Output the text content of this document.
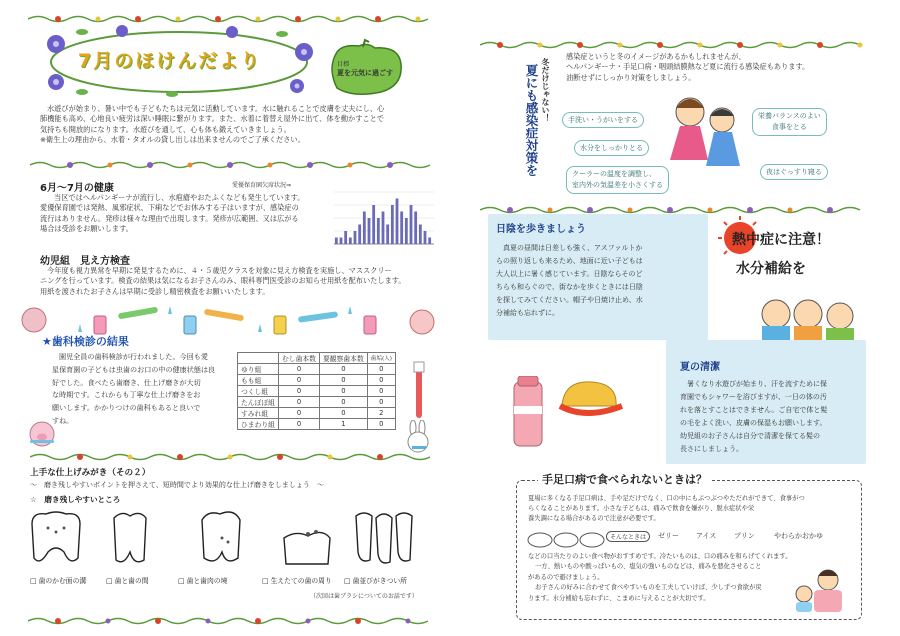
7月のほけんだより	目標
夏を元気に過ごす
水遊びが始まり、暑い中でも子どもたちは元気に活動しています。水に触れることで皮膚を丈夫にし、心
肺機能も高め、心地良い疲労は深い睡眠に繋がります。また、水着に着替え屋外に出て、体を動かすことで
気持ちも開放的になります。水遊びを通して、心も体も鍛えていきましょう。
※衛生上の理由から、水着・タオルの貸し出しは出来ませんのでご了承ください。
6月～7月の健康	愛優保育園欠席状況⇒
当区ではヘルパンギーナが流行し、水疱瘡やおたふくなども発生しています。
愛優保育園では発熱、風邪症状、下痢などでお休みする子はいますが、感染症の
流行はありません。発疹は様々な理由で出現します。発疹が広範囲、又は広がる
場合は受診をお願いします。
幼児組　見え方検査
今年度も視力異常を早期に発見するために、４・５歳児クラスを対象に見え方検査を実施し、マススクリー
ニングを行っています。検査の結果は気になるお子さんのみ、眼科専門医受診のお知らせ用紙を配布いたします。
用紙を渡されたお子さんは早期に受診し精密検査をお願いいたします。
★歯科検診の結果
園児全員の歯科検診が行われました。今回も愛
星保育園の子どもは虫歯のお口の中の健康状態は良
好でした。食べたら歯磨き、仕上げ磨きが大切
な時期です。これからも丁寧な仕上げ磨きをお
願いします。かかりつけの歯科もあると良いで
すね。
	むし歯本数	要観察歯本数	歯垢(人)
ゆり組	0	0	0
もも組	0	0	0
つくし組	0	0	0
たんぽぽ組	0	0	0
すみれ組	0	0	2
ひまわり組	0	1	0
上手な仕上げみがき（その２）
～　磨き残しやすいポイントを押さえて、短時間でより効果的な仕上げ磨きをしましょう　～
☆　磨き残しやすいところ
□ 歯のかむ面の溝	□ 歯と歯の間	□ 歯と歯肉の境	□ 生えたての歯の周り □ 歯並びがきつい所
（次回は歯ブラシについてのお話です）
冬だけじゃない！
夏にも感染症対策を
感染症というと冬のイメージがあるかもしれませんが、
ヘルパンギーナ・手足口病・咽頭結膜熱など夏に流行る感染症もあります。
油断せずにしっかり対策をしましょう。
手洗い・うがいをする
水分をしっかりとる
クーラーの温度を調整し、
室内外の気温差を小さくする
栄養バランスのよい
食事をとる
夜はぐっすり寝る
日陰を歩きましょう
真夏の昼間は日差しも強く、アスファルトか
らの照り返しも来るため、地面に近い子どもは
大人以上に暑く感じています。日陰ならそのど
ちらも和らぐので、街なかを歩くときには日陰
を探してみてください。帽子や日焼け止め、水
分補給も忘れずに。
熱中症に注意！
水分補給を
夏の清潔
暑くなり水遊びが始まり、汗を流すために保
育園でもシャワーを浴びますが、一日の体の汚
れを落とすことはできません。ご自宅で体と髪
の毛をよく洗い、皮膚の保湿もお願いします。
幼児組のお子さんは自分で清潔を保てる髪の
長さにしましょう。
手足口病で食べられないときは？
夏場に多くなる手足口病は、手や足だけでなく、口の中にもぶつぶつやただれができて、食事がつ
らくなることがあります。小さな子どもは、痛みで飲食を嫌がり、脱水症状や栄
養失調になる場合があるので注意が必要です。
そんなときは	ゼリー アイス	プリン	やわらかおかゆ
などの口当たりのよい食べ物がおすすめです。冷たいものは、口の痛みを和らげてくれます。
一方、熱いものや酸っぱいもの、塩気の強いものなどは、痛みを悪化させること
があるので避けましょう。
お子さんの好みに合わせて食べやすいものを工夫していけば、少しずつ食欲が戻
ります。水分補給も忘れずに、こまめに与えることが大切です。
